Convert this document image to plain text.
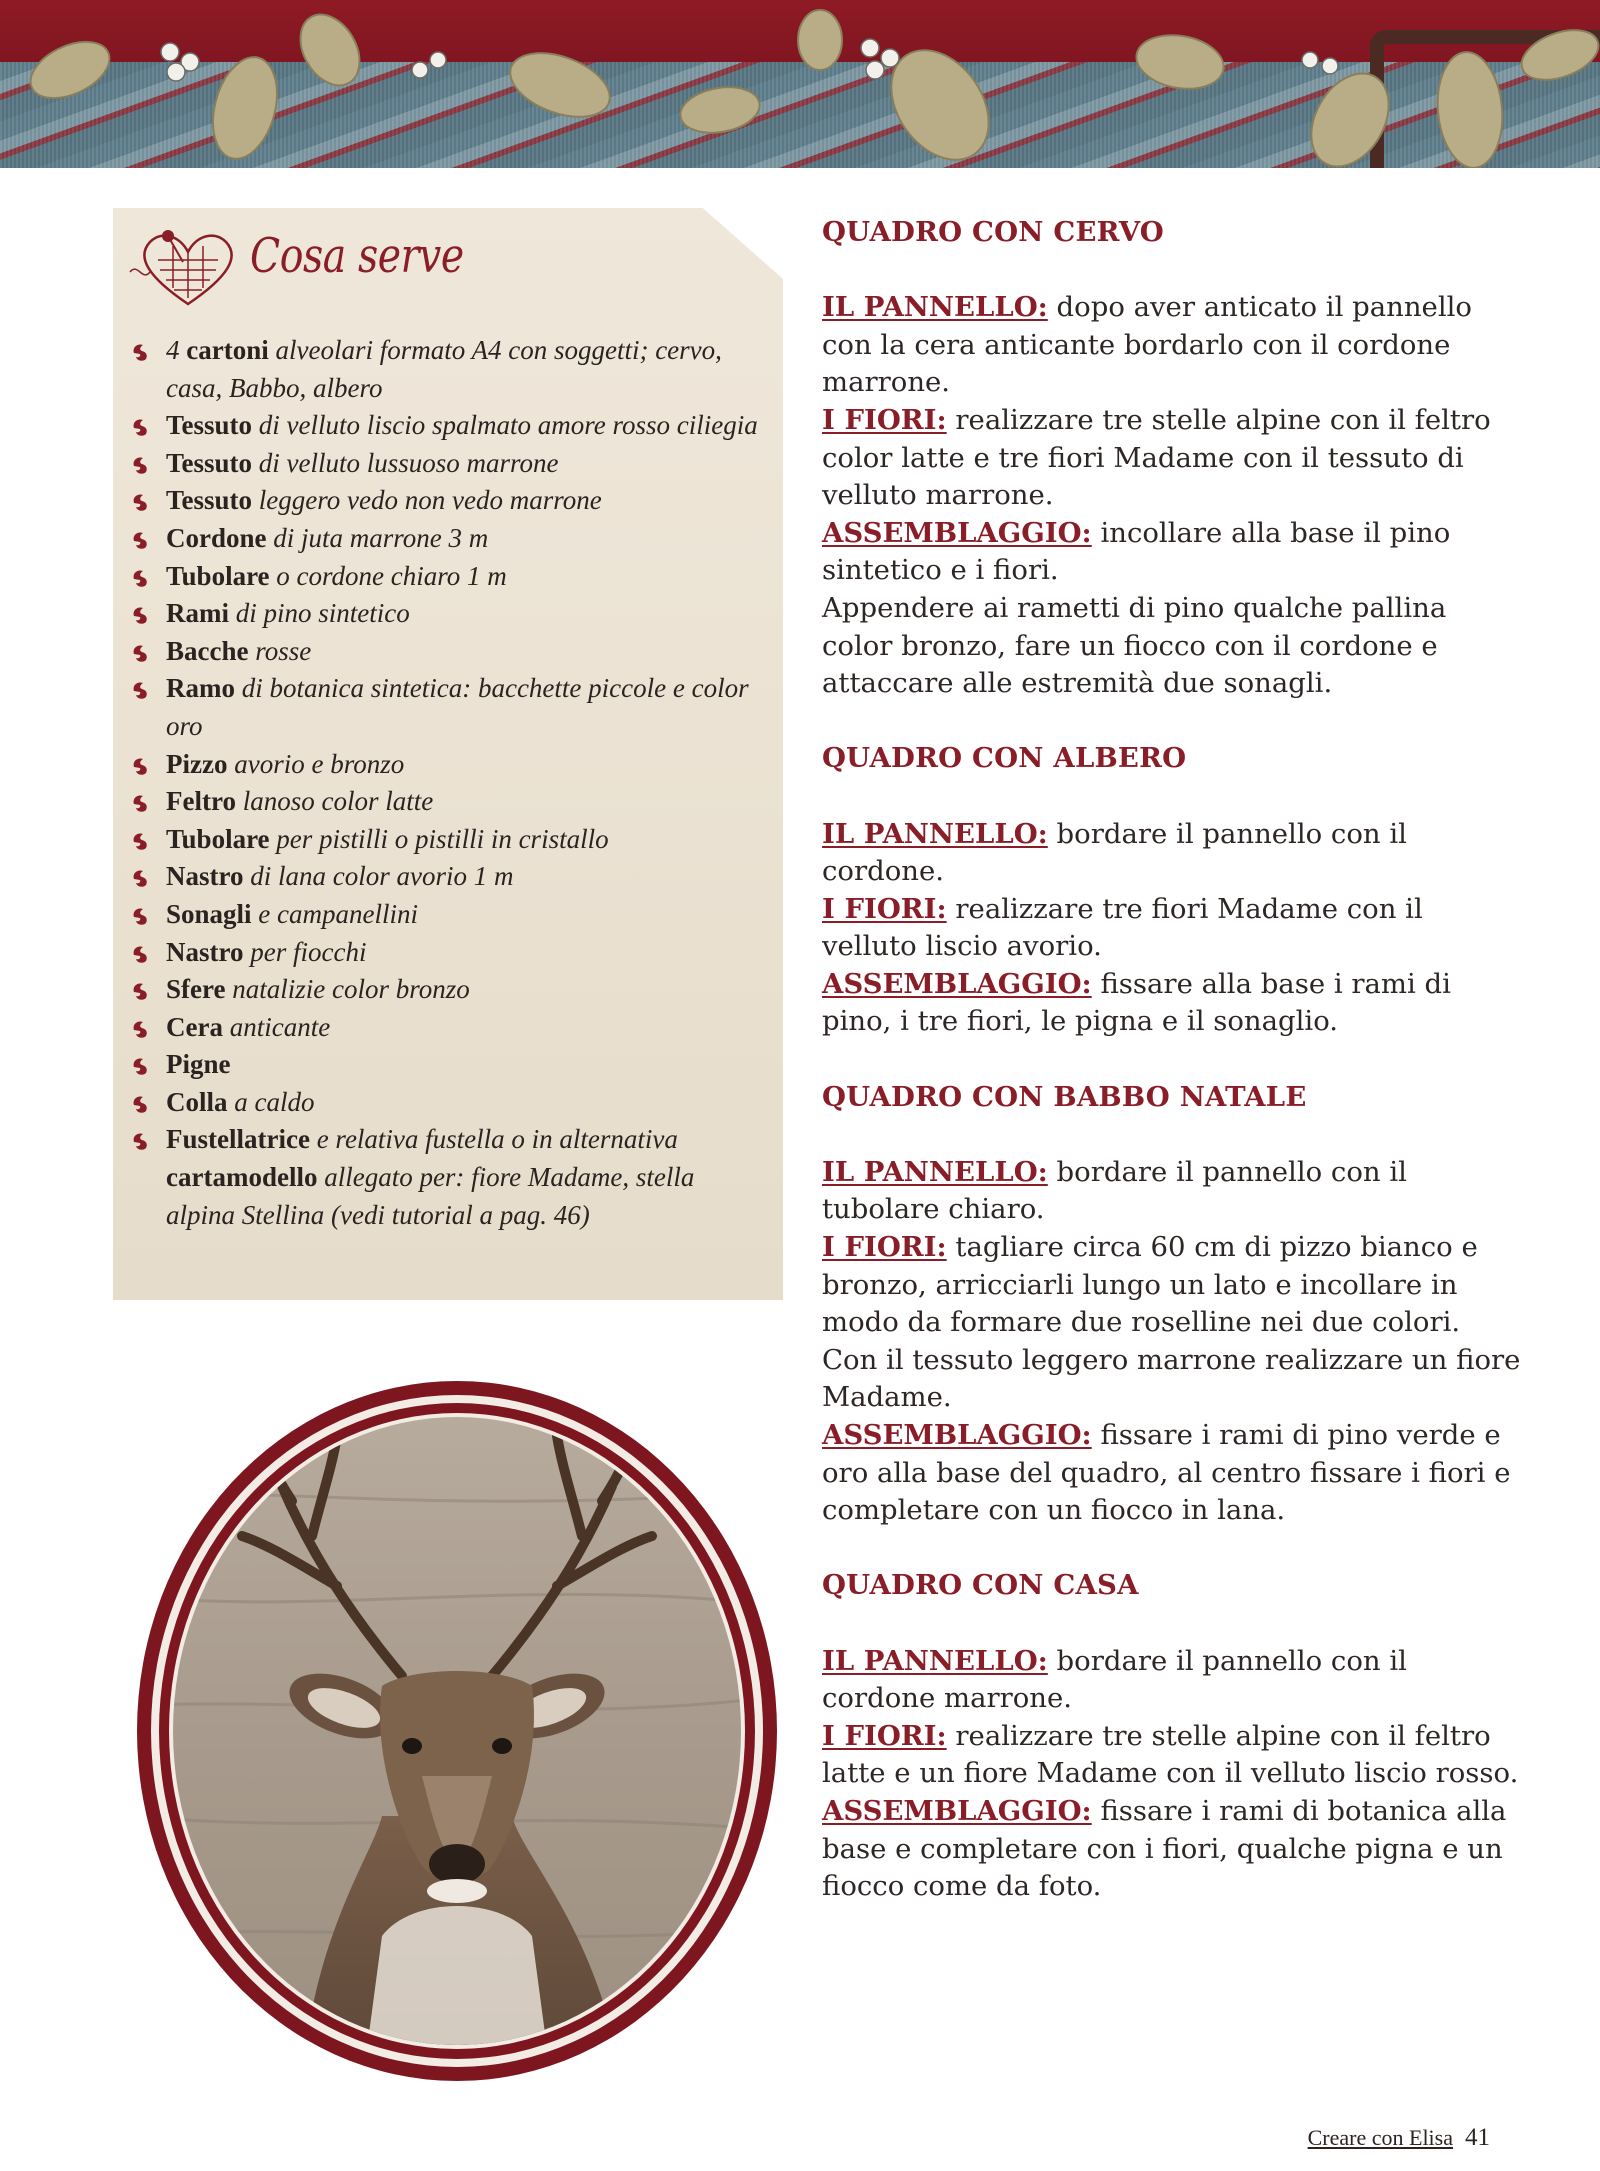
Cosa serve
4 cartoni alveolari formato A4 con soggetti; cervo, casa, Babbo, albero
Tessuto di velluto liscio spalmato amore rosso ciliegia
Tessuto di velluto lussuoso marrone
Tessuto leggero vedo non vedo marrone
Cordone di juta marrone 3 m
Tubolare o cordone chiaro 1 m
Rami di pino sintetico
Bacche rosse
Ramo di botanica sintetica: bacchette piccole e color oro
Pizzo avorio e bronzo
Feltro lanoso color latte
Tubolare per pistilli o pistilli in cristallo
Nastro di lana color avorio 1 m
Sonagli e campanellini
Nastro per fiocchi
Sfere natalizie color bronzo
Cera anticante
Pigne
Colla a caldo
Fustellatrice e relativa fustella o in alternativa cartamodello allegato per: fiore Madame, stella alpina Stellina (vedi tutorial a pag. 46)
QUADRO CON CERVO

IL PANNELLO: dopo aver anticato il pannello con la cera anticante bordarlo con il cordone marrone.

I FIORI: realizzare tre stelle alpine con il feltro color latte e tre fiori Madame con il tessuto di velluto marrone.

ASSEMBLAGGIO: incollare alla base il pino sintetico e i fiori.

Appendere ai rametti di pino qualche pallina color bronzo, fare un fiocco con il cordone e attaccare alle estremità due sonagli.

QUADRO CON ALBERO

IL PANNELLO: bordare il pannello con il cordone.

I FIORI: realizzare tre fiori Madame con il velluto liscio avorio.

ASSEMBLAGGIO: fissare alla base i rami di pino, i tre fiori, le pigna e il sonaglio.

QUADRO CON BABBO NATALE

IL PANNELLO: bordare il pannello con il tubolare chiaro.

I FIORI: tagliare circa 60 cm di pizzo bianco e bronzo, arricciarli lungo un lato e incollare in modo da formare due roselline nei due colori. Con il tessuto leggero marrone realizzare un fiore Madame.

ASSEMBLAGGIO: fissare i rami di pino verde e oro alla base del quadro, al centro fissare i fiori e completare con un fiocco in lana.

QUADRO CON CASA

IL PANNELLO: bordare il pannello con il cordone marrone.

I FIORI: realizzare tre stelle alpine con il feltro latte e un fiore Madame con il velluto liscio rosso.

ASSEMBLAGGIO: fissare i rami di botanica alla base e completare con i fiori, qualche pigna e un fiocco come da foto.

Creare con Elisa 41
